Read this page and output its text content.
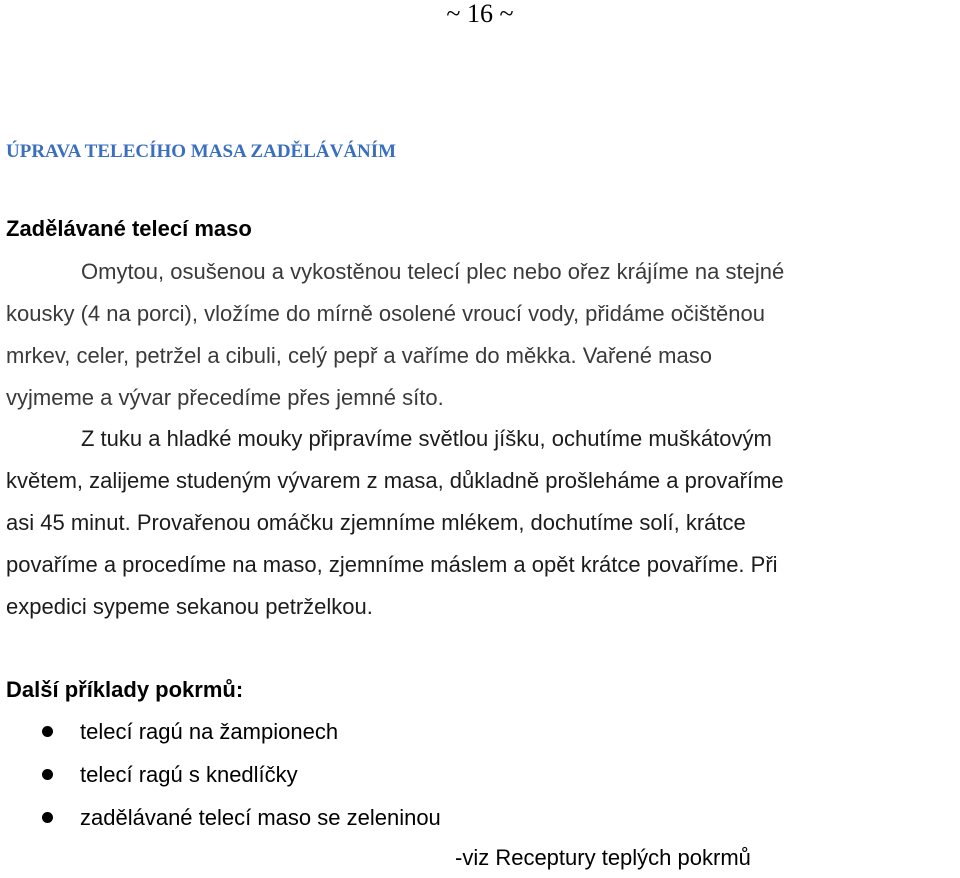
~ 16 ~
ÚPRAVA TELECÍHO MASA ZADĚLÁVÁNÍM
Zadělávané telecí maso
Omytou, osušenou a vykostěnou telecí plec nebo ořez krájíme na stejné
kousky (4 na porci), vložíme do mírně osolené vroucí vody, přidáme očištěnou
mrkev, celer, petržel a cibuli, celý pepř a vaříme do měkka. Vařené maso
vyjmeme a vývar přecedíme přes jemné síto.
Z tuku a hladké mouky připravíme světlou jíšku, ochutíme muškátovým
květem, zalijeme studeným vývarem z masa, důkladně prošleháme a provaříme
asi 45 minut. Provařenou omáčku zjemníme mlékem, dochutíme solí, krátce
povaříme a procedíme na maso, zjemníme máslem a opět krátce povaříme. Při
expedici sypeme sekanou petrželkou.
Další příklady pokrmů:
telecí ragú na žampionech
telecí ragú s knedlíčky
zadělávané telecí maso se zeleninou
-viz Receptury teplých pokrmů
